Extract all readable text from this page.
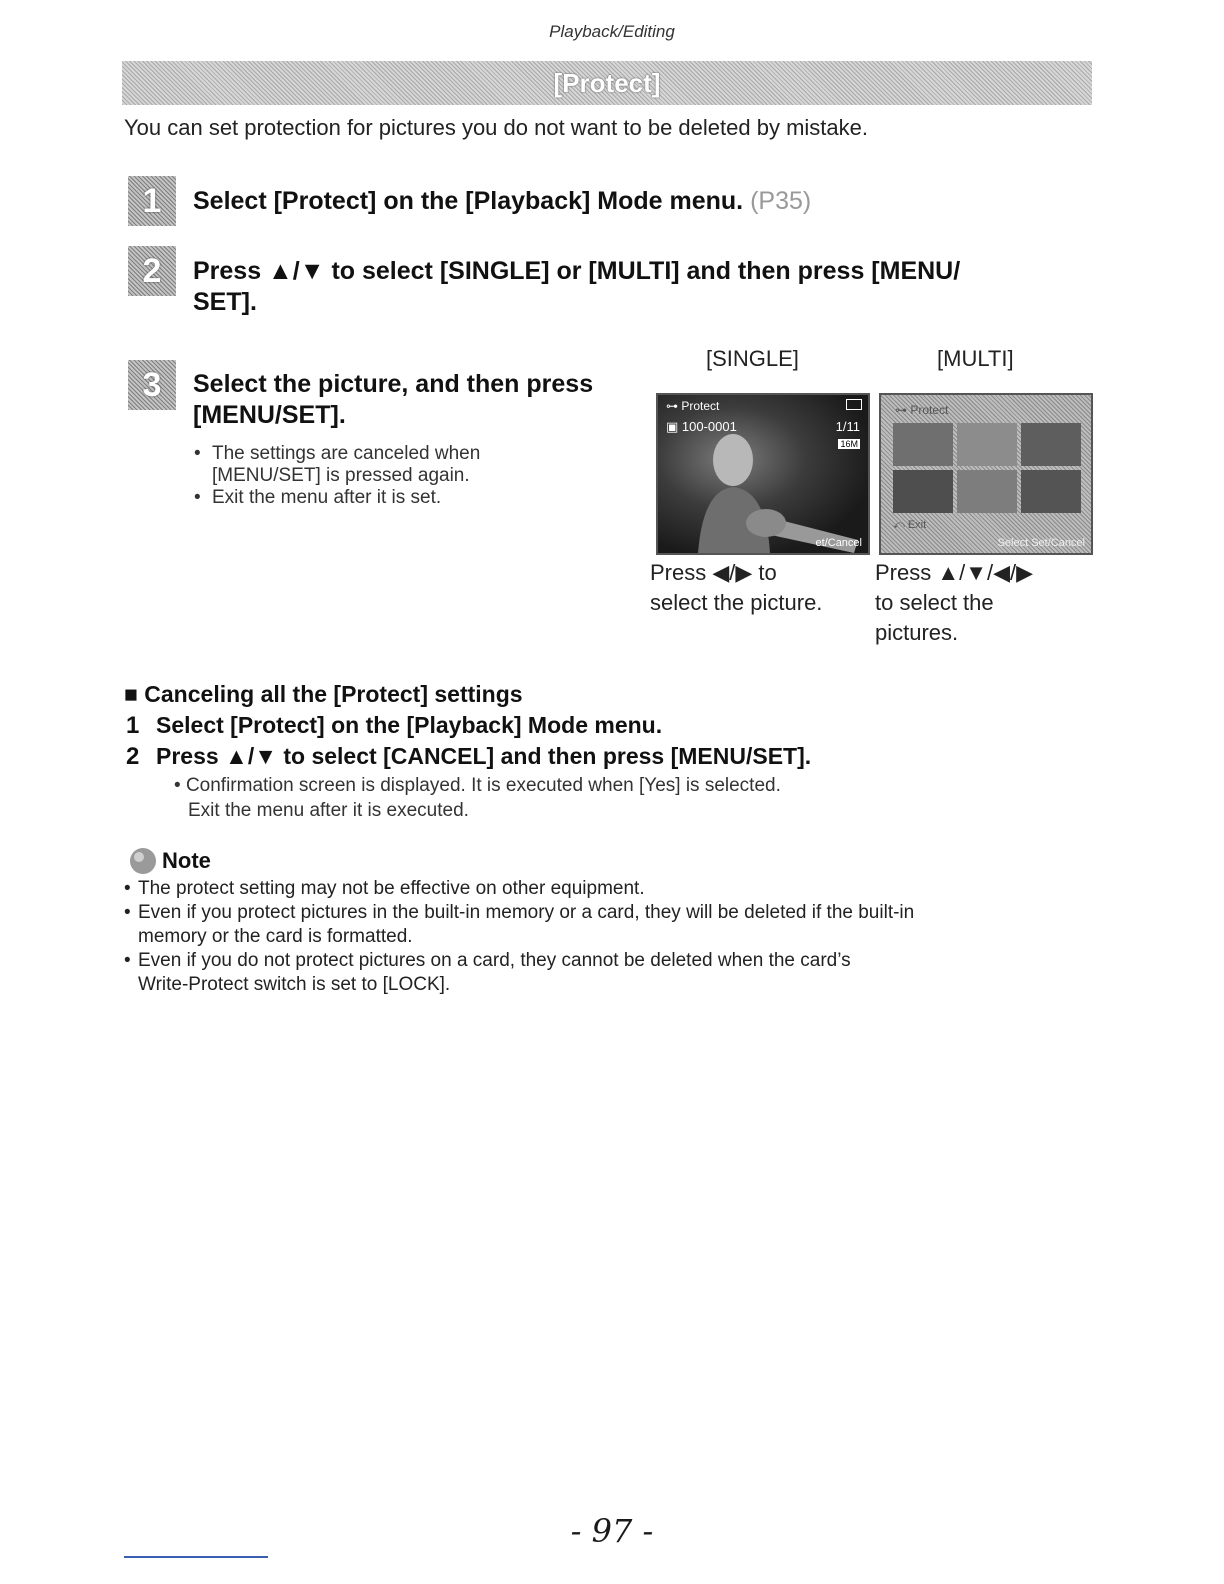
Playback/Editing
[Protect]
You can set protection for pictures you do not want to be deleted by mistake.
1 Select [Protect] on the [Playback] Mode menu. (P35)
2 Press ▲/▼ to select [SINGLE] or [MULTI] and then press [MENU/
SET].
3 Select the picture, and then press
[MENU/SET].
• The settings are canceled when
[MENU/SET] is pressed again.
• Exit the menu after it is set.
[SINGLE]	[MULTI]
⊶ Protect
▣ 100-0001	1/11
16M
et/Cancel
⊶ Protect
⤺ Exit
Select Set/Cancel
Press ◀/▶ to
select the picture.
Press ▲/▼/◀/▶
to select the
pictures.
■ Canceling all the [Protect] settings
1 Select [Protect] on the [Playback] Mode menu.
2 Press ▲/▼ to select [CANCEL] and then press [MENU/SET].
• Confirmation screen is displayed. It is executed when [Yes] is selected.
Exit the menu after it is executed.
Note
• The protect setting may not be effective on other equipment.
• Even if you protect pictures in the built-in memory or a card, they will be deleted if the built-in
memory or the card is formatted.
• Even if you do not protect pictures on a card, they cannot be deleted when the card’s
Write-Protect switch is set to [LOCK].
- 97 -
